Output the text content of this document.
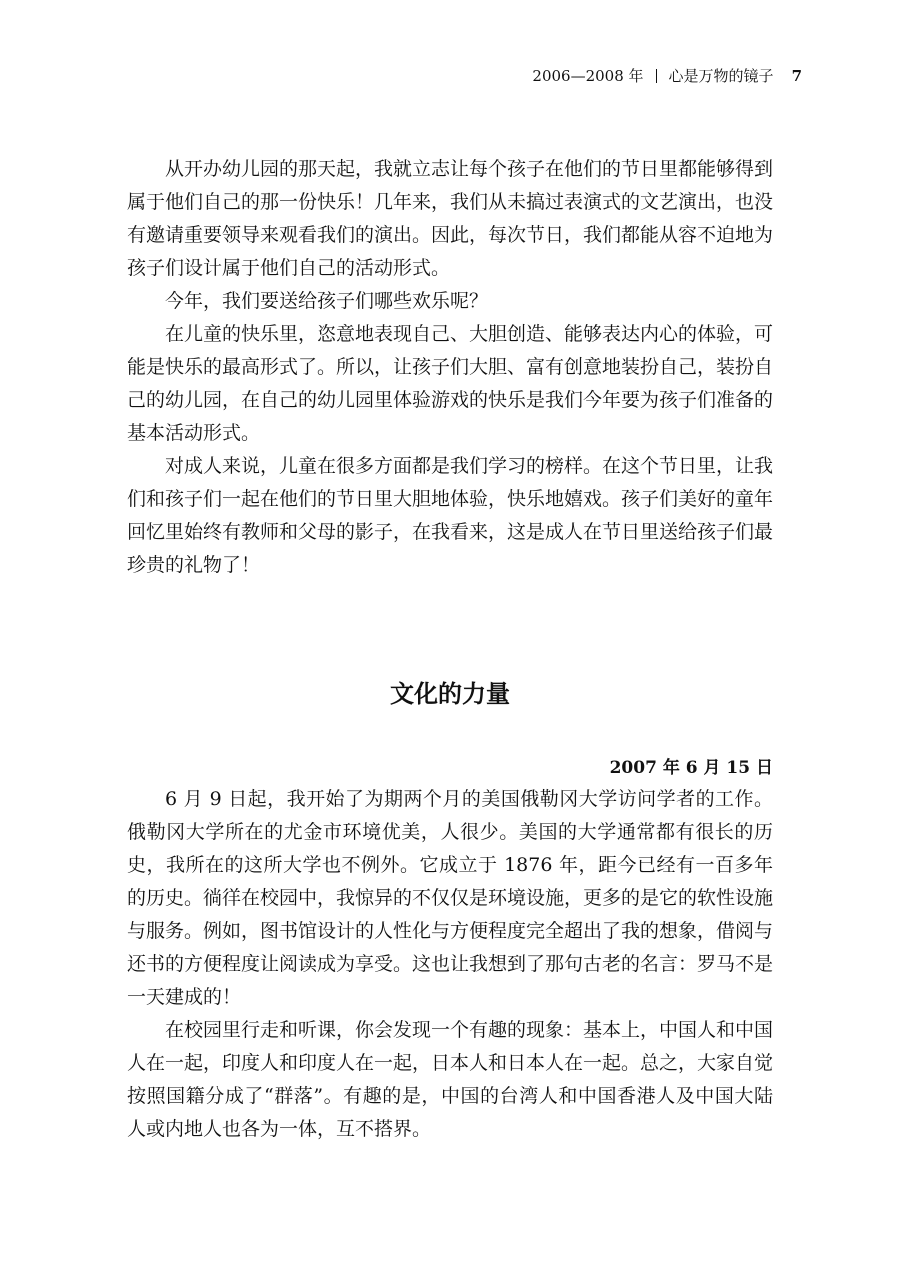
2006—2008 年 心是万物的镜子 7

从开办幼儿园的那天起，我就立志让每个孩子在他们的节日里都能够得到属于他们自己的那一份快乐！几年来，我们从未搞过表演式的文艺演出，也没有邀请重要领导来观看我们的演出。因此，每次节日，我们都能从容不迫地为孩子们设计属于他们自己的活动形式。

今年，我们要送给孩子们哪些欢乐呢？

在儿童的快乐里，恣意地表现自己、大胆创造、能够表达内心的体验，可能是快乐的最高形式了。所以，让孩子们大胆、富有创意地装扮自己，装扮自己的幼儿园，在自己的幼儿园里体验游戏的快乐是我们今年要为孩子们准备的基本活动形式。

对成人来说，儿童在很多方面都是我们学习的榜样。在这个节日里，让我们和孩子们一起在他们的节日里大胆地体验，快乐地嬉戏。孩子们美好的童年回忆里始终有教师和父母的影子，在我看来，这是成人在节日里送给孩子们最珍贵的礼物了！

文化的力量
2007 年 6 月 15 日

6 月 9 日起，我开始了为期两个月的美国俄勒冈大学访问学者的工作。俄勒冈大学所在的尤金市环境优美，人很少。美国的大学通常都有很长的历史，我所在的这所大学也不例外。它成立于 1876 年，距今已经有一百多年的历史。徜徉在校园中，我惊异的不仅仅是环境设施，更多的是它的软性设施与服务。例如，图书馆设计的人性化与方便程度完全超出了我的想象，借阅与还书的方便程度让阅读成为享受。这也让我想到了那句古老的名言：罗马不是一天建成的！

在校园里行走和听课，你会发现一个有趣的现象：基本上，中国人和中国人在一起，印度人和印度人在一起，日本人和日本人在一起。总之，大家自觉按照国籍分成了“群落”。有趣的是，中国的台湾人和中国香港人及中国大陆人或内地人也各为一体，互不搭界。
